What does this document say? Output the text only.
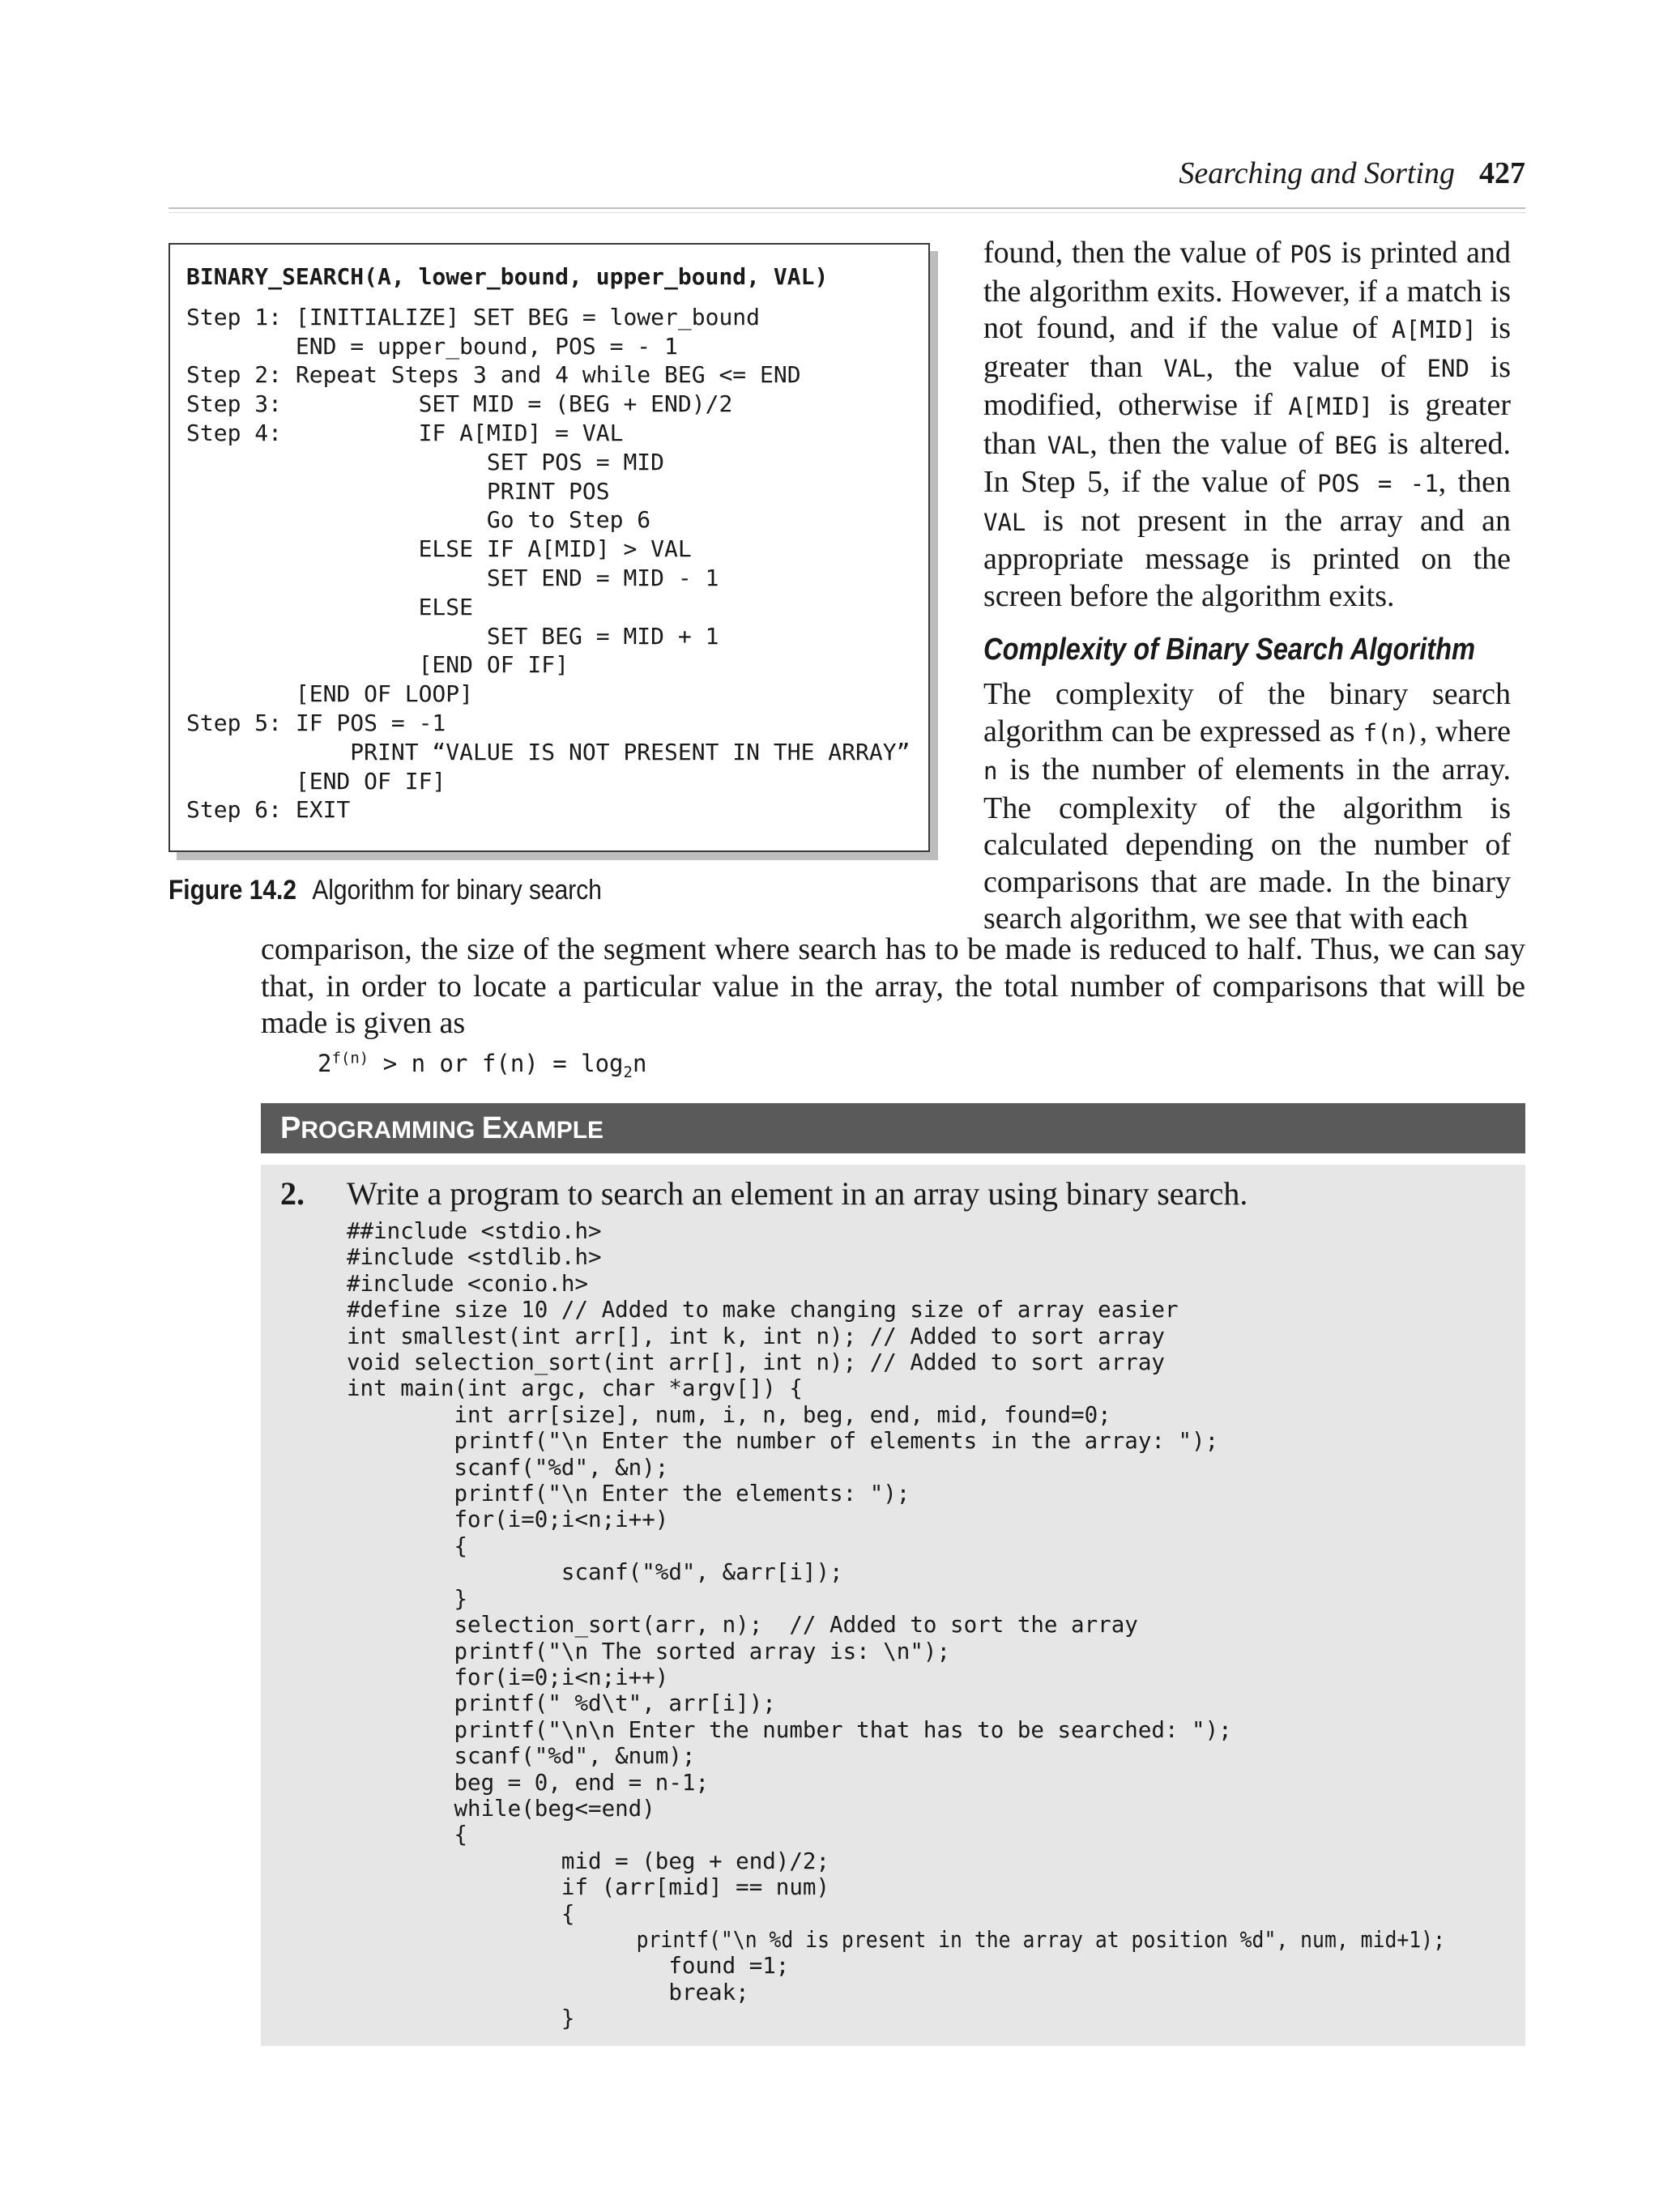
Searching and Sorting 427
BINARY_SEARCH(A, lower_bound, upper_bound, VAL)
Step 1: [INITIALIZE] SET BEG = lower_bound
END = upper_bound, POS = - 1
Step 2: Repeat Steps 3 and 4 while BEG <= END
Step 3:          SET MID = (BEG + END)/2
Step 4:          IF A[MID] = VAL
SET POS = MID
PRINT POS
Go to Step 6
ELSE IF A[MID] > VAL
SET END = MID - 1
ELSE
SET BEG = MID + 1
[END OF IF]
[END OF LOOP]
Step 5: IF POS = -1
PRINT “VALUE IS NOT PRESENT IN THE ARRAY”
[END OF IF]
Step 6: EXIT
Figure 14.2 Algorithm for binary search

found, then the value of POS is printed and the algorithm exits. However, if a match is not found, and if the value of A[MID] is greater than VAL, the value of END is modified, otherwise if A[MID] is greater than VAL, then the value of BEG is altered. In Step 5, if the value of POS = -1, then VAL is not present in the array and an appropriate message is printed on the screen before the algorithm exits.

Complexity of Binary Search Algorithm

The complexity of the binary search algorithm can be expressed as f(n), where n is the number of elements in the array. The complexity of the algorithm is calculated depending on the number of comparisons that are made. In the binary search algorithm, we see that with each

comparison, the size of the segment where search has to be made is reduced to half. Thus, we can say that, in order to locate a particular value in the array, the total number of comparisons that will be made is given as
$2^{f(n)} > n$ or $f(n) = \log_2n$
PROGRAMMING EXAMPLE
2. Write a program to search an element in an array using binary search.
##include <stdio.h>
#include <stdlib.h>
#include <conio.h>
#define size 10 // Added to make changing size of array easier
int smallest(int arr[], int k, int n); // Added to sort array
void selection_sort(int arr[], int n); // Added to sort array
int main(int argc, char *argv[]) {
int arr[size], num, i, n, beg, end, mid, found=0;
printf("\n Enter the number of elements in the array: ");
scanf("%d", &n);
printf("\n Enter the elements: ");
for(i=0;i<n;i++)
{
scanf("%d", &arr[i]);
}
selection_sort(arr, n);  // Added to sort the array
printf("\n The sorted array is: \n");
for(i=0;i<n;i++)
printf(" %d\t", arr[i]);
printf("\n\n Enter the number that has to be searched: ");
scanf("%d", &num);
beg = 0, end = n-1;
while(beg<=end)
{
mid = (beg + end)/2;
if (arr[mid] == num)
{
printf("\n %d is present in the array at position %d", num, mid+1);
found =1;
break;
}
